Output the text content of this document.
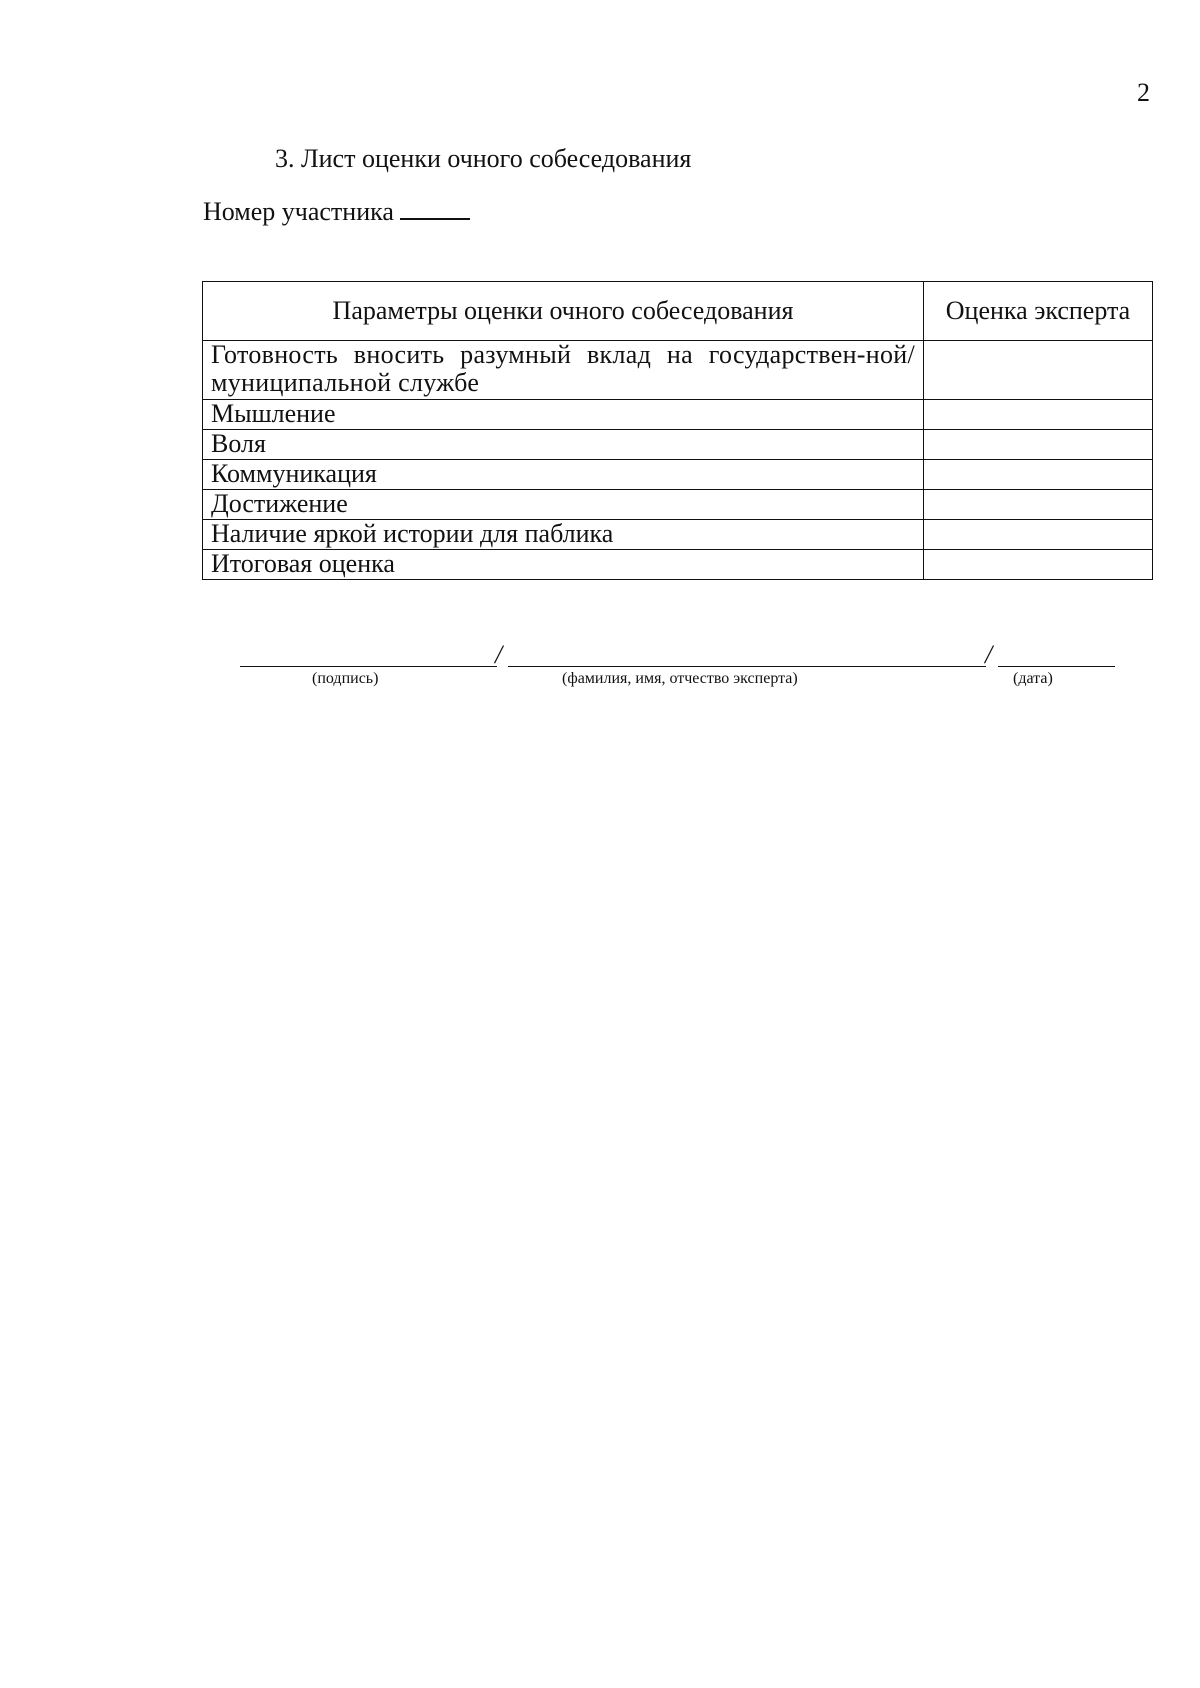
2
3. Лист оценки очного собеседования
Номер участника
Параметры оценки очного собеседования	Оценка эксперта
Готовность вносить разумный вклад на государствен-ной/муниципальной службе	
Мышление	
Воля	
Коммуникация	
Достижение	
Наличие яркой истории для паблика	
Итоговая оценка	
/	/
(подпись)	(фамилия, имя, отчество эксперта)	(дата)
